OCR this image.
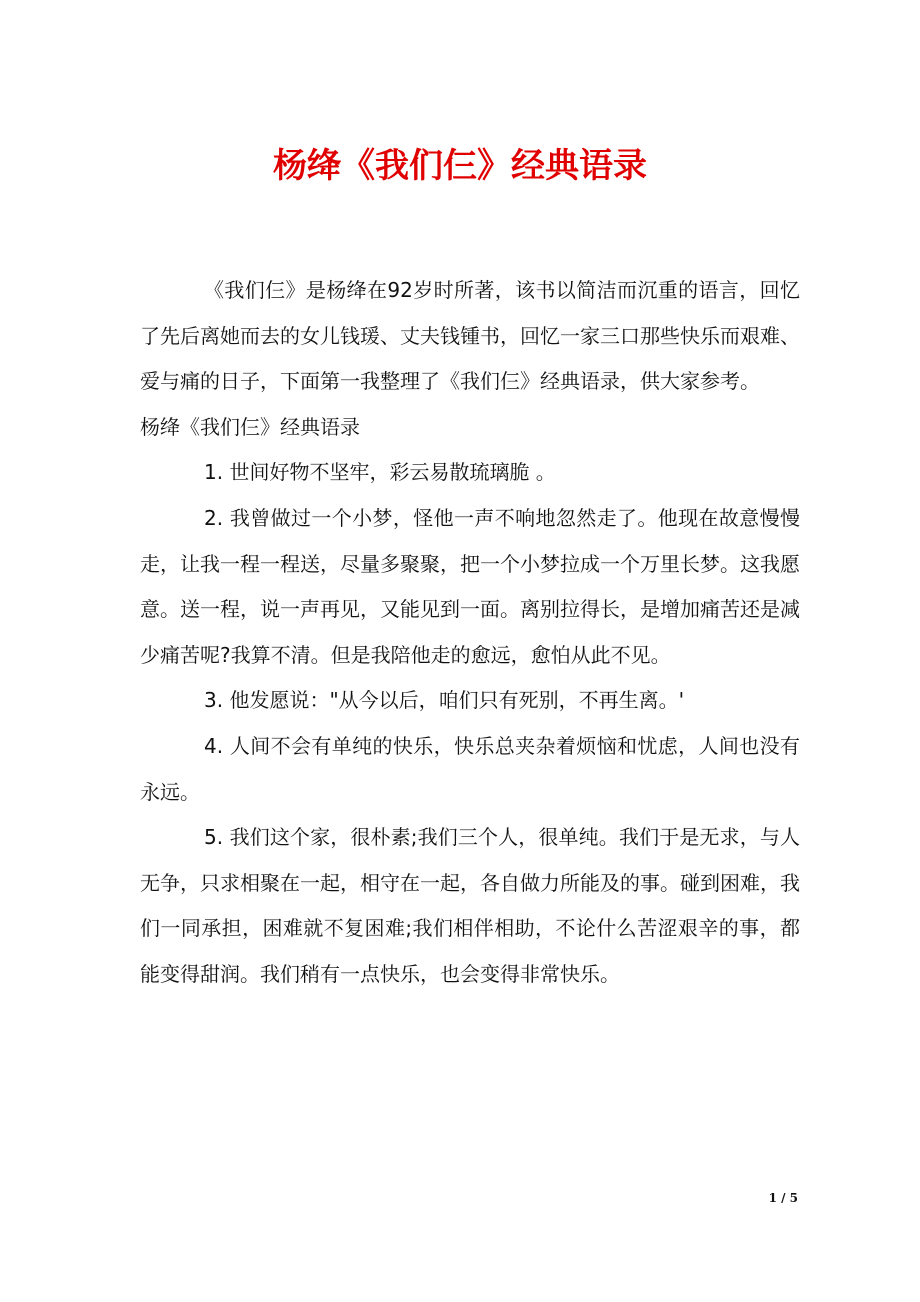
杨绛《我们仨》经典语录

《我们仨》是杨绛在92岁时所著，该书以简洁而沉重的语言，回忆了先后离她而去的女儿钱瑗、丈夫钱锺书，回忆一家三口那些快乐而艰难、爱与痛的日子，下面第一我整理了《我们仨》经典语录，供大家参考。

杨绛《我们仨》经典语录

1. 世间好物不坚牢，彩云易散琉璃脆 。

2. 我曾做过一个小梦，怪他一声不响地忽然走了。他现在故意慢慢走，让我一程一程送，尽量多聚聚，把一个小梦拉成一个万里长梦。这我愿意。送一程，说一声再见，又能见到一面。离别拉得长，是增加痛苦还是减少痛苦呢?我算不清。但是我陪他走的愈远，愈怕从此不见。

3. 他发愿说："从今以后，咱们只有死别，不再生离。'

4. 人间不会有单纯的快乐，快乐总夹杂着烦恼和忧虑，人间也没有永远。

5. 我们这个家，很朴素;我们三个人，很单纯。我们于是无求，与人无争，只求相聚在一起，相守在一起，各自做力所能及的事。碰到困难，我们一同承担，困难就不复困难;我们相伴相助，不论什么苦涩艰辛的事，都能变得甜润。我们稍有一点快乐，也会变得非常快乐。

1 / 5
